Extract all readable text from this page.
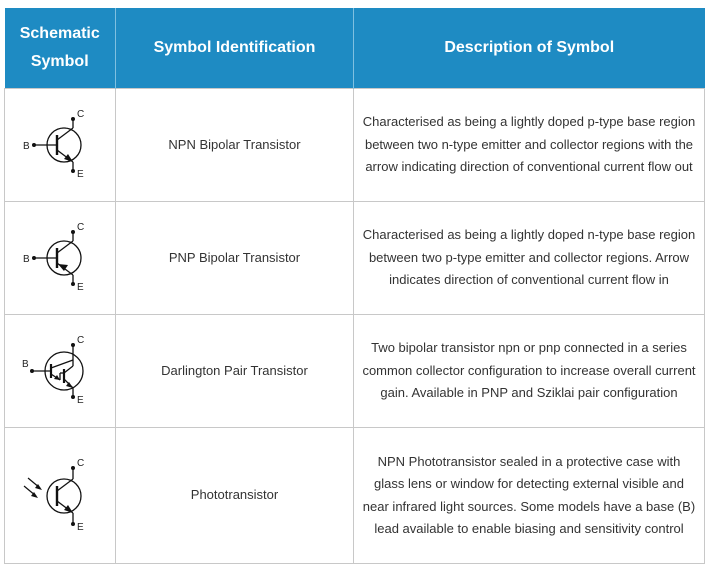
Schematic Symbol	Symbol Identification	Description of Symbol

B
C
E	NPN Bipolar Transistor	Characterised as being a lightly doped p-type base region between two n-type emitter and collector regions with the arrow indicating direction of conventional current flow out

B
C
E	PNP Bipolar Transistor	Characterised as being a lightly doped n-type base region between two p-type emitter and collector regions. Arrow indicates direction of conventional current flow in

B
C
E	Darlington Pair Transistor	Two bipolar transistor npn or pnp connected in a series common collector configuration to increase overall current gain. Available in PNP and Sziklai pair configuration

C
E	Phototransistor	NPN Phototransistor sealed in a protective case with glass lens or window for detecting external visible and near infrared light sources. Some models have a base (B) lead available to enable biasing and sensitivity control
